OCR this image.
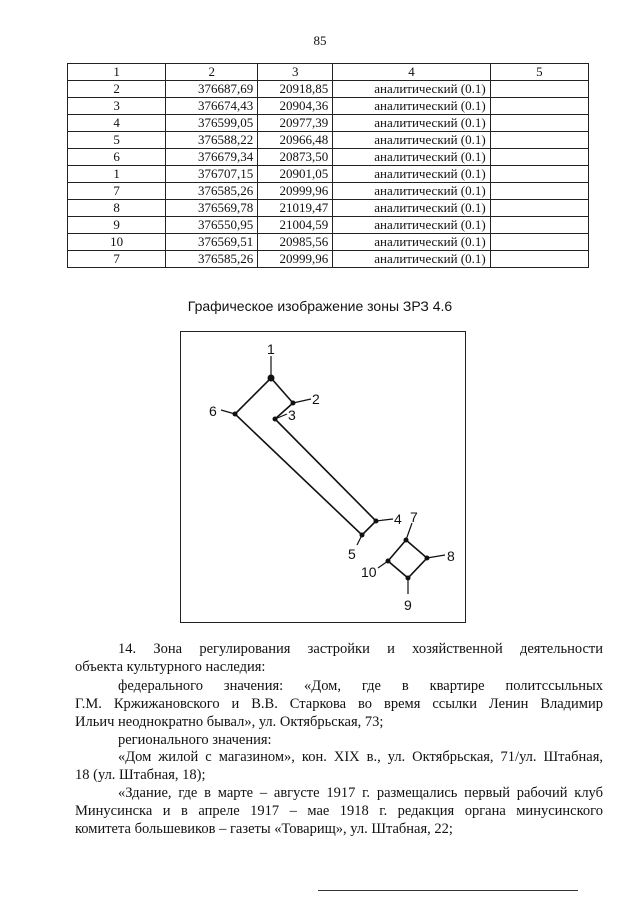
85
1	2	3	4	5
2	376687,69	20918,85	аналитический (0.1)	
3	376674,43	20904,36	аналитический (0.1)	
4	376599,05	20977,39	аналитический (0.1)	
5	376588,22	20966,48	аналитический (0.1)	
6	376679,34	20873,50	аналитический (0.1)	
1	376707,15	20901,05	аналитический (0.1)	
7	376585,26	20999,96	аналитический (0.1)	
8	376569,78	21019,47	аналитический (0.1)	
9	376550,95	21004,59	аналитический (0.1)	
10	376569,51	20985,56	аналитический (0.1)	
7	376585,26	20999,96	аналитический (0.1)	
Графическое изображение зоны ЗРЗ 4.6
1
2
3
4
5
6
7
8
9
10
14. Зона регулирования застройки и хозяйственной деятельности
объекта культурного наследия:
федерального значения: «Дом, где в квартире политссыльных
Г.М. Кржижановского и В.В. Старкова во время ссылки Ленин Владимир
Ильич неоднократно бывал», ул. Октябрьская, 73;
регионального значения:
«Дом жилой с магазином», кон. XIX в., ул. Октябрьская, 71/ул. Штабная,
18 (ул. Штабная, 18);
«Здание, где в марте – августе 1917 г. размещались первый рабочий клуб
Минусинска и в апреле 1917 – мае 1918 г. редакция органа минусинского
комитета большевиков – газеты «Товарищ», ул. Штабная, 22;
